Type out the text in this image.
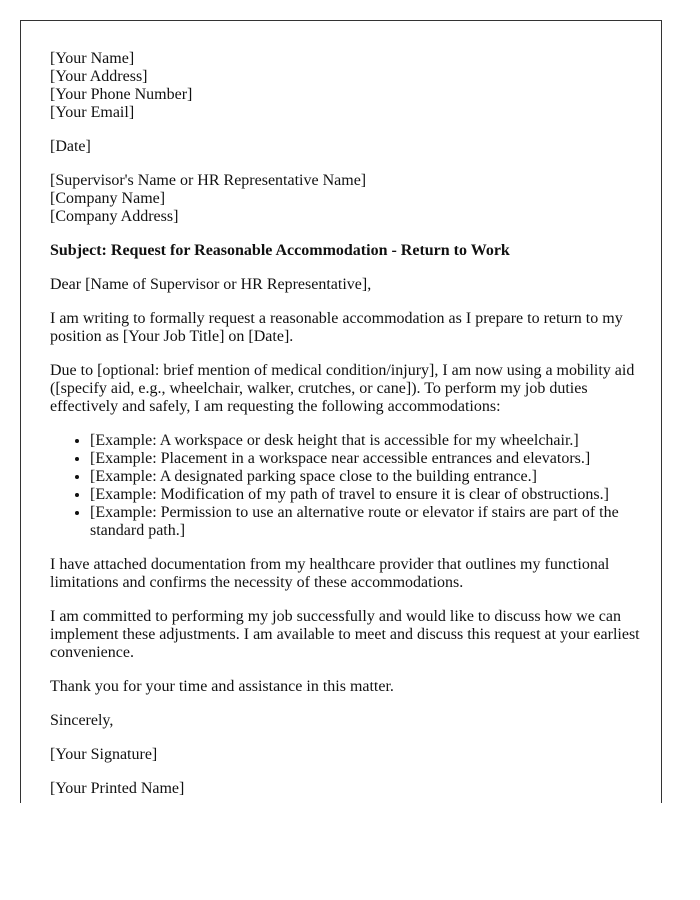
[Your Name]
[Your Address]
[Your Phone Number]
[Your Email]
[Date]
[Supervisor's Name or HR Representative Name]
[Company Name]
[Company Address]

Subject: Request for Reasonable Accommodation - Return to Work

Dear [Name of Supervisor or HR Representative],

I am writing to formally request a reasonable accommodation as I prepare to return to my position as [Your Job Title] on [Date].

Due to [optional: brief mention of medical condition/injury], I am now using a mobility aid ([specify aid, e.g., wheelchair, walker, crutches, or cane]). To perform my job duties effectively and safely, I am requesting the following accommodations:

• [Example: A workspace or desk height that is accessible for my wheelchair.]
• [Example: Placement in a workspace near accessible entrances and elevators.]
• [Example: A designated parking space close to the building entrance.]
• [Example: Modification of my path of travel to ensure it is clear of obstructions.]
• [Example: Permission to use an alternative route or elevator if stairs are part of the standard path.]

I have attached documentation from my healthcare provider that outlines my functional limitations and confirms the necessity of these accommodations.

I am committed to performing my job successfully and would like to discuss how we can implement these adjustments. I am available to meet and discuss this request at your earliest convenience.

Thank you for your time and assistance in this matter.

Sincerely,

[Your Signature]

[Your Printed Name]
